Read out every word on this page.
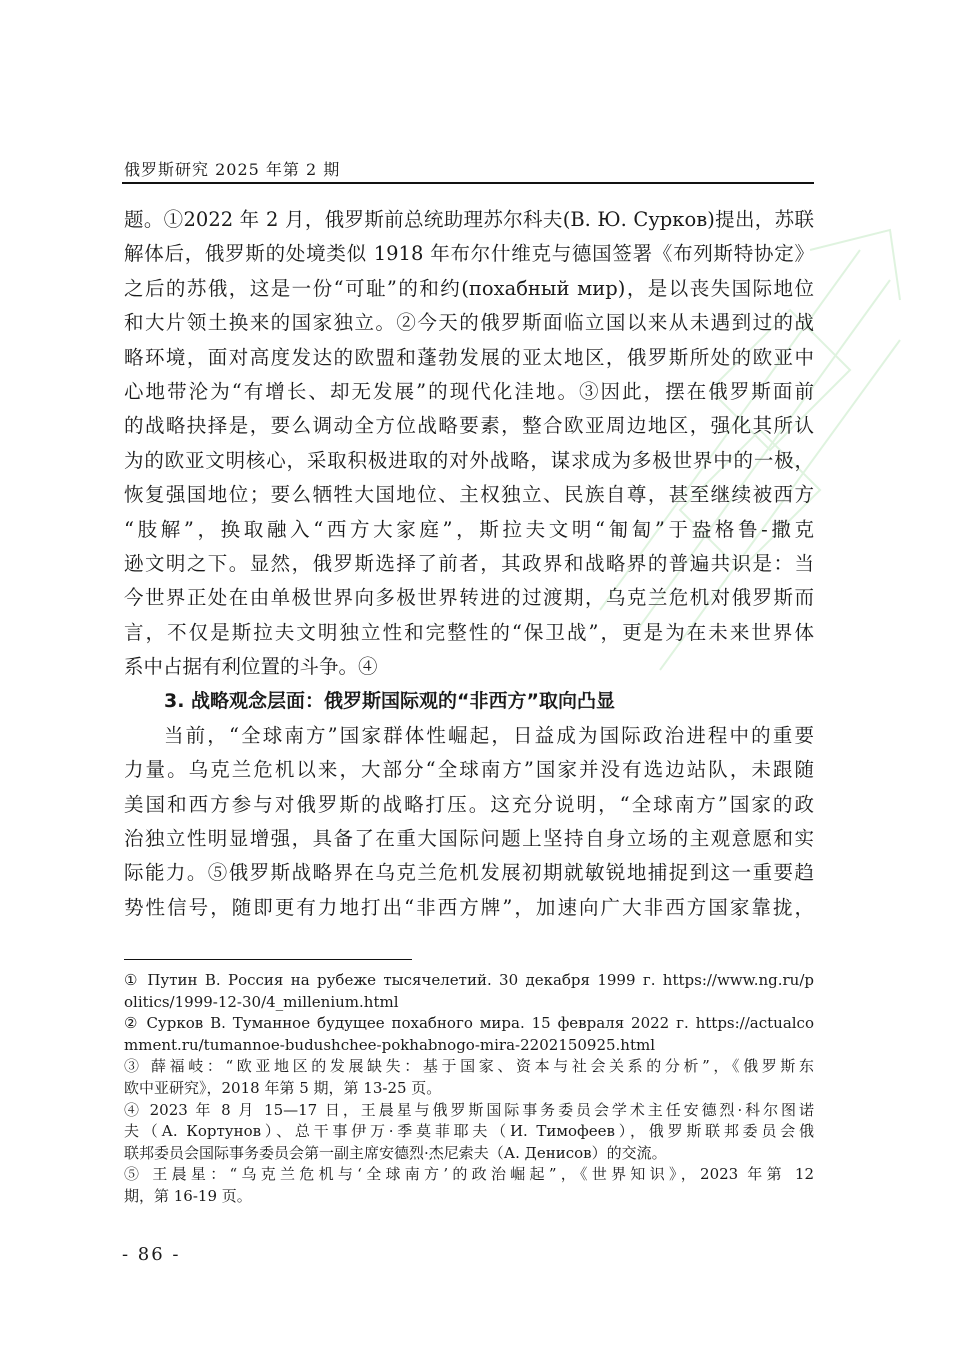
俄罗斯研究 2025 年第 2 期
题。①2022 年 2 月，俄罗斯前总统助理苏尔科夫(В. Ю. Сурков)提出，苏联
解体后，俄罗斯的处境类似 1918 年布尔什维克与德国签署《布列斯特协定》
之后的苏俄，这是一份“可耻”的和约(похабный мир)，是以丧失国际地位
和大片领土换来的国家独立。②今天的俄罗斯面临立国以来从未遇到过的战
略环境，面对高度发达的欧盟和蓬勃发展的亚太地区，俄罗斯所处的欧亚中
心地带沦为“有增长、却无发展”的现代化洼地。③因此，摆在俄罗斯面前
的战略抉择是，要么调动全方位战略要素，整合欧亚周边地区，强化其所认
为的欧亚文明核心，采取积极进取的对外战略，谋求成为多极世界中的一极，
恢复强国地位；要么牺牲大国地位、主权独立、民族自尊，甚至继续被西方
“肢解”，换取融入“西方大家庭”，斯拉夫文明“匍匐”于盎格鲁-撒克
逊文明之下。显然，俄罗斯选择了前者，其政界和战略界的普遍共识是：当
今世界正处在由单极世界向多极世界转进的过渡期，乌克兰危机对俄罗斯而
言，不仅是斯拉夫文明独立性和完整性的“保卫战”，更是为在未来世界体
系中占据有利位置的斗争。④
3. 战略观念层面：俄罗斯国际观的“非西方”取向凸显
当前，“全球南方”国家群体性崛起，日益成为国际政治进程中的重要
力量。乌克兰危机以来，大部分“全球南方”国家并没有选边站队，未跟随
美国和西方参与对俄罗斯的战略打压。这充分说明，“全球南方”国家的政
治独立性明显增强，具备了在重大国际问题上坚持自身立场的主观意愿和实
际能力。⑤俄罗斯战略界在乌克兰危机发展初期就敏锐地捕捉到这一重要趋
势性信号，随即更有力地打出“非西方牌”，加速向广大非西方国家靠拢，
① Путин В. Россия на рубеже тысячелетий. 30 декабря 1999 г. https://www.ng.ru/p
olitics/1999-12-30/4_millenium.html
② Сурков В. Туманное будущее похабного мира. 15 февраля 2022 г. https://actualco
mment.ru/tumannoe-budushchee-pokhabnogo-mira-2202150925.html
③ 薛福岐：“欧亚地区的发展缺失：基于国家、资本与社会关系的分析”，《俄罗斯东
欧中亚研究》，2018 年第 5 期，第 13-25 页。
④ 2023 年 8 月 15—17 日，王晨星与俄罗斯国际事务委员会学术主任安德烈·科尔图诺
夫（А. Кортунов）、总干事伊万·季莫菲耶夫（И. Тимофеев），俄罗斯联邦委员会俄
联邦委员会国际事务委员会第一副主席安德烈·杰尼索夫（А. Денисов）的交流。
⑤ 王晨星：“乌克兰危机与‘全球南方’的政治崛起”，《世界知识》，2023 年第 12
期，第 16-19 页。
- 86 -
